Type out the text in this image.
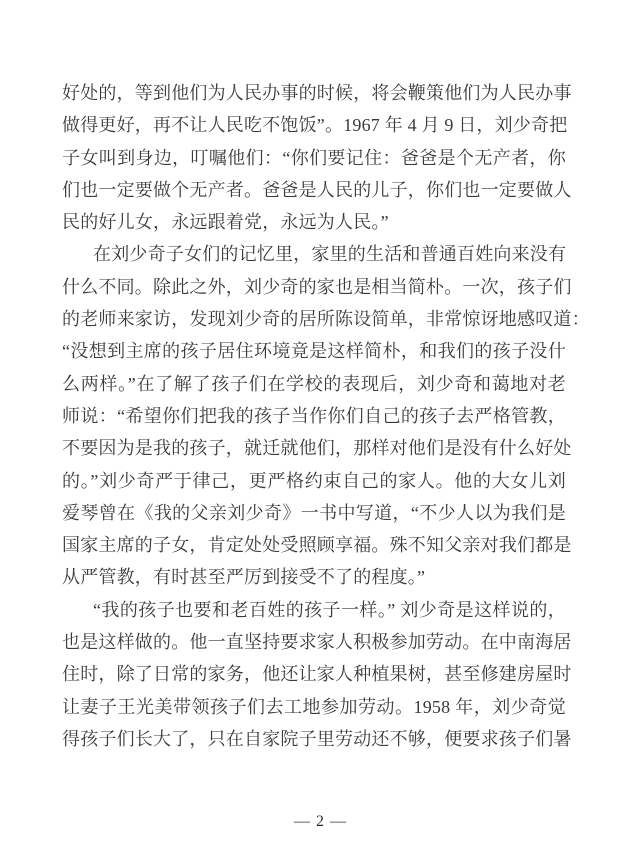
好处的，等到他们为人民办事的时候，将会鞭策他们为人民办事
做得更好，再不让人民吃不饱饭”。1967 年 4 月 9 日，刘少奇把
子女叫到身边，叮嘱他们：“你们要记住：爸爸是个无产者，你
们也一定要做个无产者。爸爸是人民的儿子，你们也一定要做人
民的好儿女，永远跟着党，永远为人民。”
在刘少奇子女们的记忆里，家里的生活和普通百姓向来没有
什么不同。除此之外，刘少奇的家也是相当简朴。一次，孩子们
的老师来家访，发现刘少奇的居所陈设简单，非常惊讶地感叹道：
“没想到主席的孩子居住环境竟是这样简朴，和我们的孩子没什
么两样。”在了解了孩子们在学校的表现后，刘少奇和蔼地对老
师说：“希望你们把我的孩子当作你们自己的孩子去严格管教，
不要因为是我的孩子，就迁就他们，那样对他们是没有什么好处
的。”刘少奇严于律己，更严格约束自己的家人。他的大女儿刘
爱琴曾在《我的父亲刘少奇》一书中写道，“不少人以为我们是
国家主席的子女，肯定处处受照顾享福。殊不知父亲对我们都是
从严管教，有时甚至严厉到接受不了的程度。”
“我的孩子也要和老百姓的孩子一样。” 刘少奇是这样说的，
也是这样做的。他一直坚持要求家人积极参加劳动。在中南海居
住时，除了日常的家务，他还让家人种植果树，甚至修建房屋时
让妻子王光美带领孩子们去工地参加劳动。1958 年，刘少奇觉
得孩子们长大了，只在自家院子里劳动还不够，便要求孩子们暑
— 2 —
